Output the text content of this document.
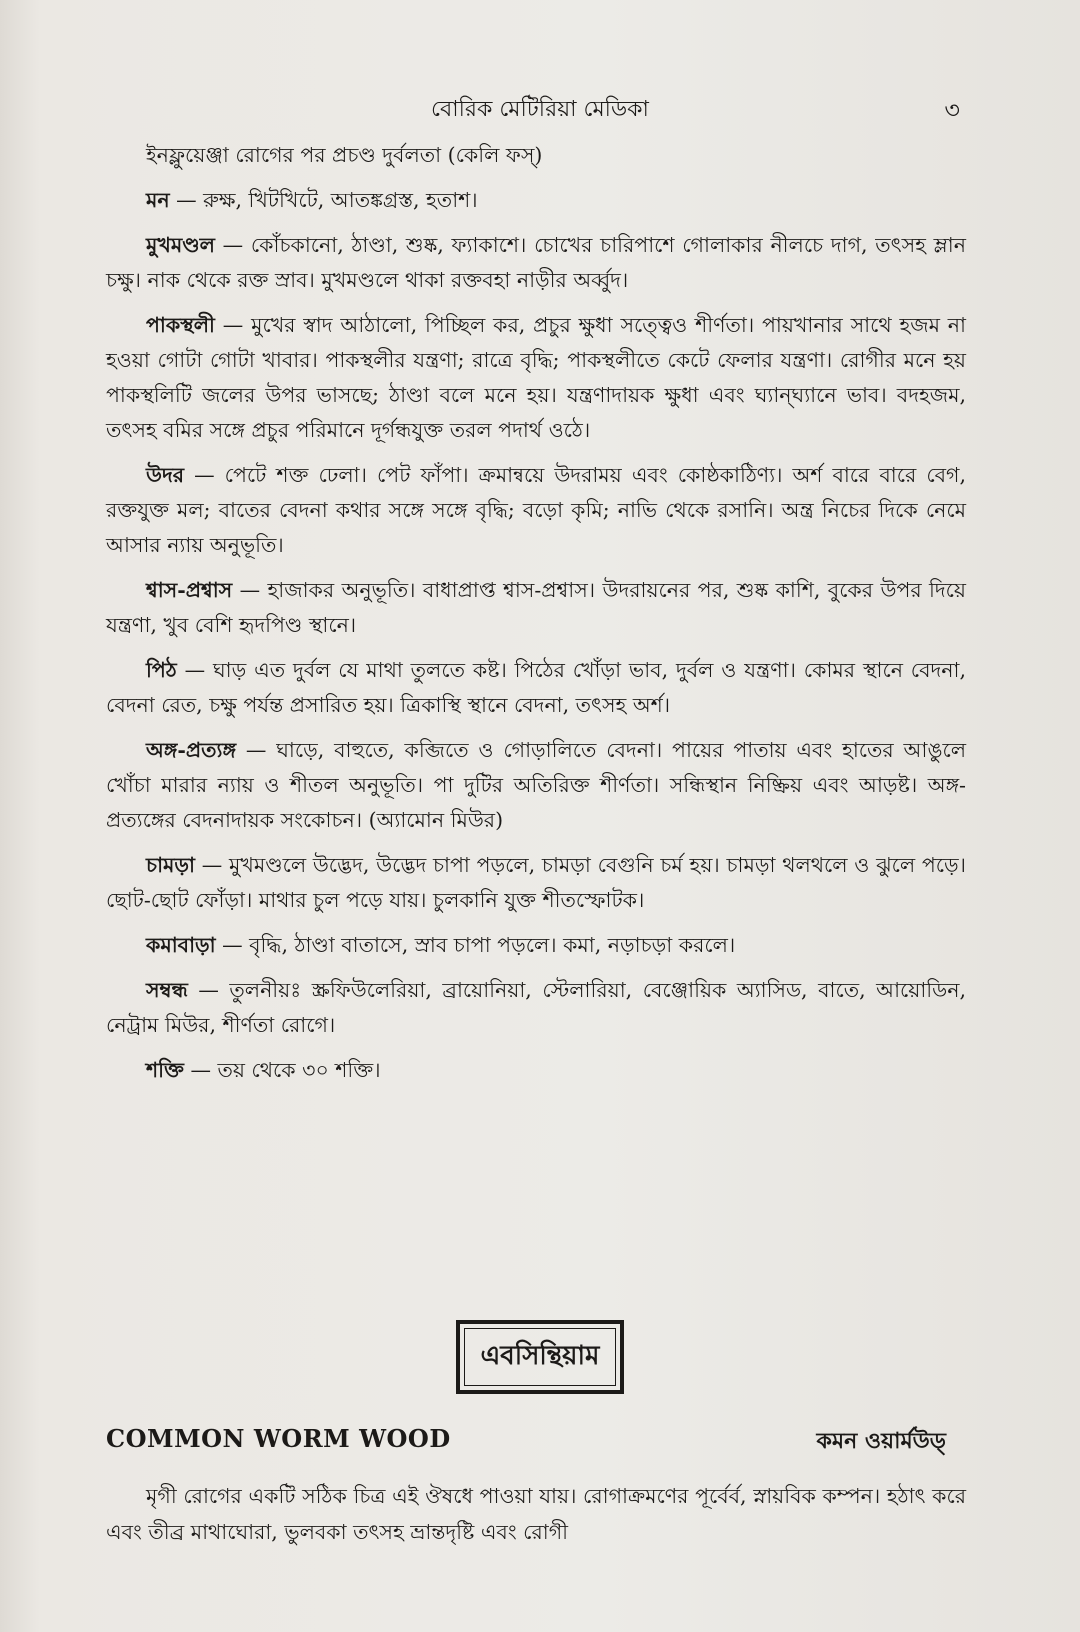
বোরিক মেটিরিয়া মেডিকা	৩

ইনফ্লুয়েঞ্জা রোগের পর প্রচণ্ড দুর্বলতা (কেলি ফস্)

মন — রুক্ষ, খিটখিটে, আতঙ্কগ্রস্ত, হতাশ।

মুখমণ্ডল — কোঁচকানো, ঠাণ্ডা, শুষ্ক, ফ্যাকাশে। চোখের চারিপাশে গোলাকার নীলচে দাগ, তৎসহ ম্লান চক্ষু। নাক থেকে রক্ত স্রাব। মুখমণ্ডলে থাকা রক্তবহা নাড়ীর অর্ব্বুদ।

পাকস্থলী — মুখের স্বাদ আঠালো, পিচ্ছিল কর, প্রচুর ক্ষুধা সত্ত্বেও শীর্ণতা। পায়খানার সাথে হজম না হওয়া গোটা গোটা খাবার। পাকস্থলীর যন্ত্রণা; রাত্রে বৃদ্ধি; পাকস্থলীতে কেটে ফেলার যন্ত্রণা। রোগীর মনে হয় পাকস্থলিটি জলের উপর ভাসছে; ঠাণ্ডা বলে মনে হয়। যন্ত্রণাদায়ক ক্ষুধা এবং ঘ্যান্‌ঘ্যানে ভাব। বদহজম, তৎসহ বমির সঙ্গে প্রচুর পরিমানে দূর্গন্ধযুক্ত তরল পদার্থ ওঠে।

উদর — পেটে শক্ত ঢেলা। পেট ফাঁপা। ক্রমান্বয়ে উদরাময় এবং কোষ্ঠকাঠিণ্য। অর্শ বারে বারে বেগ, রক্তযুক্ত মল; বাতের বেদনা কথার সঙ্গে সঙ্গে বৃদ্ধি; বড়ো কৃমি; নাভি থেকে রসানি। অন্ত্র নিচের দিকে নেমে আসার ন্যায় অনুভূতি।

শ্বাস-প্রশ্বাস — হাজাকর অনুভূতি। বাধাপ্রাপ্ত শ্বাস-প্রশ্বাস। উদরায়নের পর, শুষ্ক কাশি, বুকের উপর দিয়ে যন্ত্রণা, খুব বেশি হৃদপিণ্ড স্থানে।

পিঠ — ঘাড় এত দুর্বল যে মাথা তুলতে কষ্ট। পিঠের খোঁড়া ভাব, দুর্বল ও যন্ত্রণা। কোমর স্থানে বেদনা, বেদনা রেত, চক্ষু পর্যন্ত প্রসারিত হয়। ত্রিকাস্থি স্থানে বেদনা, তৎসহ অর্শ।

অঙ্গ-প্রত্যঙ্গ — ঘাড়ে, বাহুতে, কব্জিতে ও গোড়ালিতে বেদনা। পায়ের পাতায় এবং হাতের আঙুলে খোঁচা মারার ন্যায় ও শীতল অনুভূতি। পা দুটির অতিরিক্ত শীর্ণতা। সন্ধিস্থান নিষ্ক্রিয় এবং আড়ষ্ট। অঙ্গ-প্রত্যঙ্গের বেদনাদায়ক সংকোচন। (অ্যামোন মিউর)

চামড়া — মুখমণ্ডলে উদ্ভেদ, উদ্ভেদ চাপা পড়লে, চামড়া বেগুনি চর্ম হয়। চামড়া থলথলে ও ঝুলে পড়ে। ছোট-ছোট ফোঁড়া। মাথার চুল পড়ে যায়। চুলকানি যুক্ত শীতস্ফোটক।

কমাবাড়া — বৃদ্ধি, ঠাণ্ডা বাতাসে, স্রাব চাপা পড়লে। কমা, নড়াচড়া করলে।

সম্বন্ধ — তুলনীয়ঃ স্ক্রফিউলেরিয়া, ব্রায়োনিয়া, স্টেলারিয়া, বেঞ্জোয়িক অ্যাসিড, বাতে, আয়োডিন, নেট্রাম মিউর, শীর্ণতা রোগে।

শক্তি — তয় থেকে ৩০ শক্তি।

এবসিন্থিয়াম
COMMON WORM WOOD	কমন ওয়ার্মউড্

মৃগী রোগের একটি সঠিক চিত্র এই ঔষধে পাওয়া যায়। রোগাক্রমণের পূর্বের্ব, স্নায়বিক কম্পন। হঠাৎ করে এবং তীব্র মাথাঘোরা, ভুলবকা তৎসহ ভ্রান্তদৃষ্টি এবং রোগী
